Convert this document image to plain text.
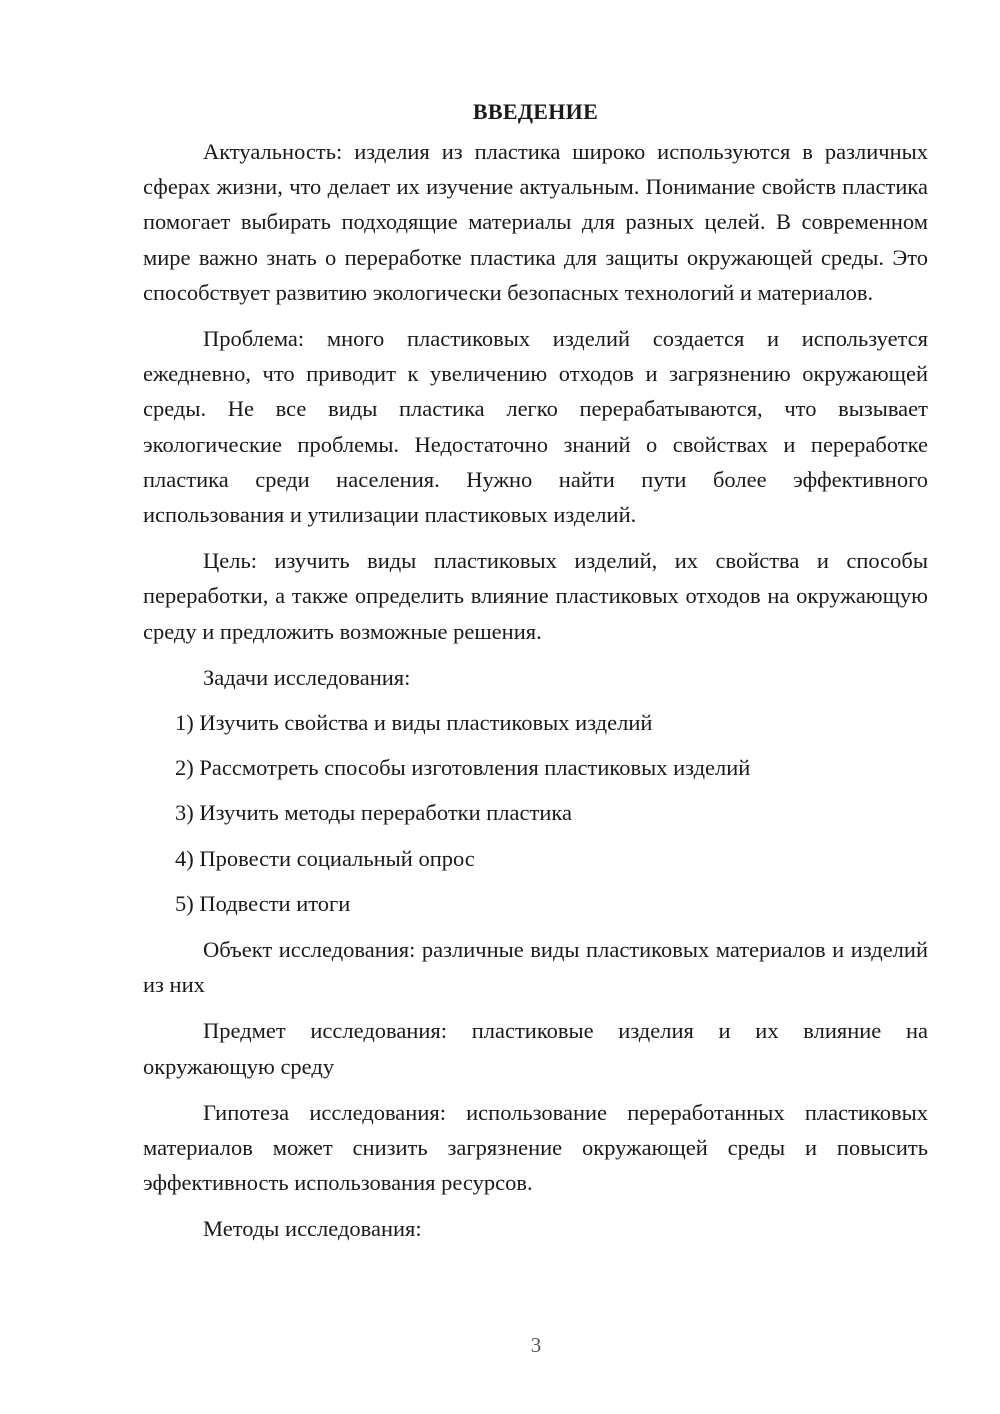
ВВЕДЕНИЕ

Актуальность: изделия из пластика широко используются в различных сферах жизни, что делает их изучение актуальным. Понимание свойств пластика помогает выбирать подходящие материалы для разных целей. В современном мире важно знать о переработке пластика для защиты окружающей среды. Это способствует развитию экологически безопасных технологий и материалов.

Проблема: много пластиковых изделий создается и используется ежедневно, что приводит к увеличению отходов и загрязнению окружающей среды. Не все виды пластика легко перерабатываются, что вызывает экологические проблемы. Недостаточно знаний о свойствах и переработке пластика среди населения. Нужно найти пути более эффективного использования и утилизации пластиковых изделий.

Цель: изучить виды пластиковых изделий, их свойства и способы переработки, а также определить влияние пластиковых отходов на окружающую среду и предложить возможные решения.

Задачи исследования:

1) Изучить свойства и виды пластиковых изделий

2) Рассмотреть способы изготовления пластиковых изделий

3) Изучить методы переработки пластика

4) Провести социальный опрос

5) Подвести итоги

Объект исследования: различные виды пластиковых материалов и изделий из них

Предмет исследования: пластиковые изделия и их влияние на окружающую среду

Гипотеза исследования: использование переработанных пластиковых материалов может снизить загрязнение окружающей среды и повысить эффективность использования ресурсов.

Методы исследования:

3
